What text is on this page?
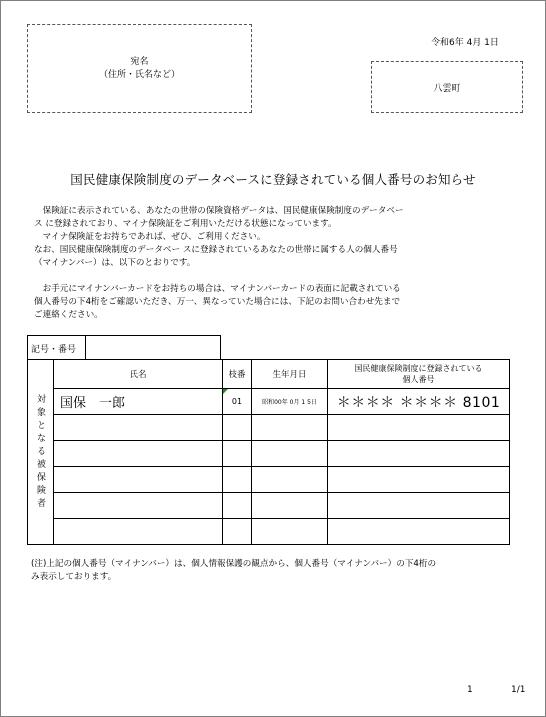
宛名
（住所・氏名など）
令和6年 4月 1日
八雲町
国民健康保険制度のデータベースに登録されている個人番号のお知らせ

　保険証に表示されている、あなたの世帯の保険資格データは、国民健康保険制度のデータベー

ス に登録されており、マイナ保険証をご利用いただける状態になっています。

　マイナ保険証をお持ちであれば、ぜひ、ご利用ください。

なお、国民健康保険制度のデータベー スに登録されているあなたの世帯に属する人の個人番号

（マイナンバー）は、以下のとおりです。

　お手元にマイナンバーカードをお持ちの場合は、マイナンバーカードの表面に記載されている

個人番号の下4桁をご確認いただき、万一、異なっていた場合には、下記のお問い合わせ先まで

ご連絡ください。

記号・番号
対象となる被保険者	氏名	枝番	生年月日	国民健康保険制度に登録されている
個人番号

	国保　一郎	01	昭和00年 0月 1 5日	＊＊＊＊ ＊＊＊＊ 8101

(注)上記の個人番号（マイナンバー）は、個人情報保護の観点から、個人番号（マイナンバー）の下4桁の

み表示しております。

1	1/1
